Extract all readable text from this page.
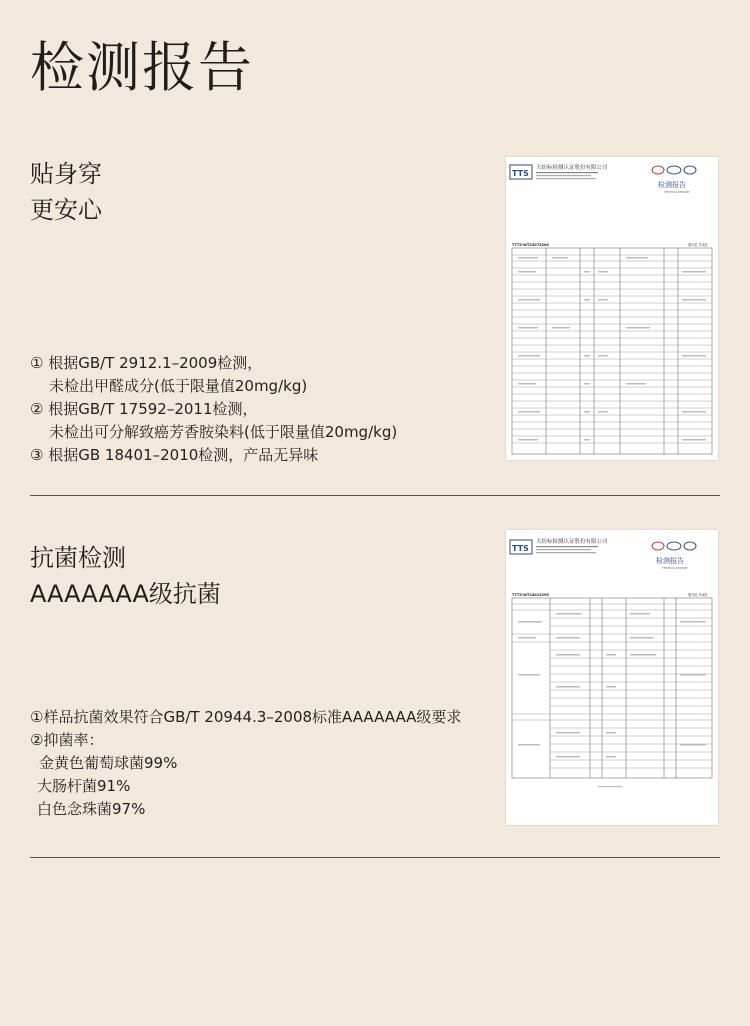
检测报告
贴身穿
更安心
① 根据GB/T 2912.1–2009检测，
未检出甲醛成分(低于限量值20mg/kg)
② 根据GB/T 17592–2011检测，
未检出可分解致癌芳香胺染料(低于限量值20mg/kg)
③ 根据GB 18401–2010检测，产品无异味
TTS
天纺标检测认证股份有限公司
检测报告
TESTING REPORT
TTTS-WT23075204	第2页 共4页
抗菌检测
AAAAAAA级抗菌
①样品抗菌效果符合GB/T 20944.3–2008标准AAAAAAA级要求
②抑菌率：
金黄色葡萄球菌99%
大肠杆菌91%
白色念珠菌97%
TTS
天纺标检测认证股份有限公司
检测报告
TESTING REPORT
TTTS-WT24013295	第3页 共4页
